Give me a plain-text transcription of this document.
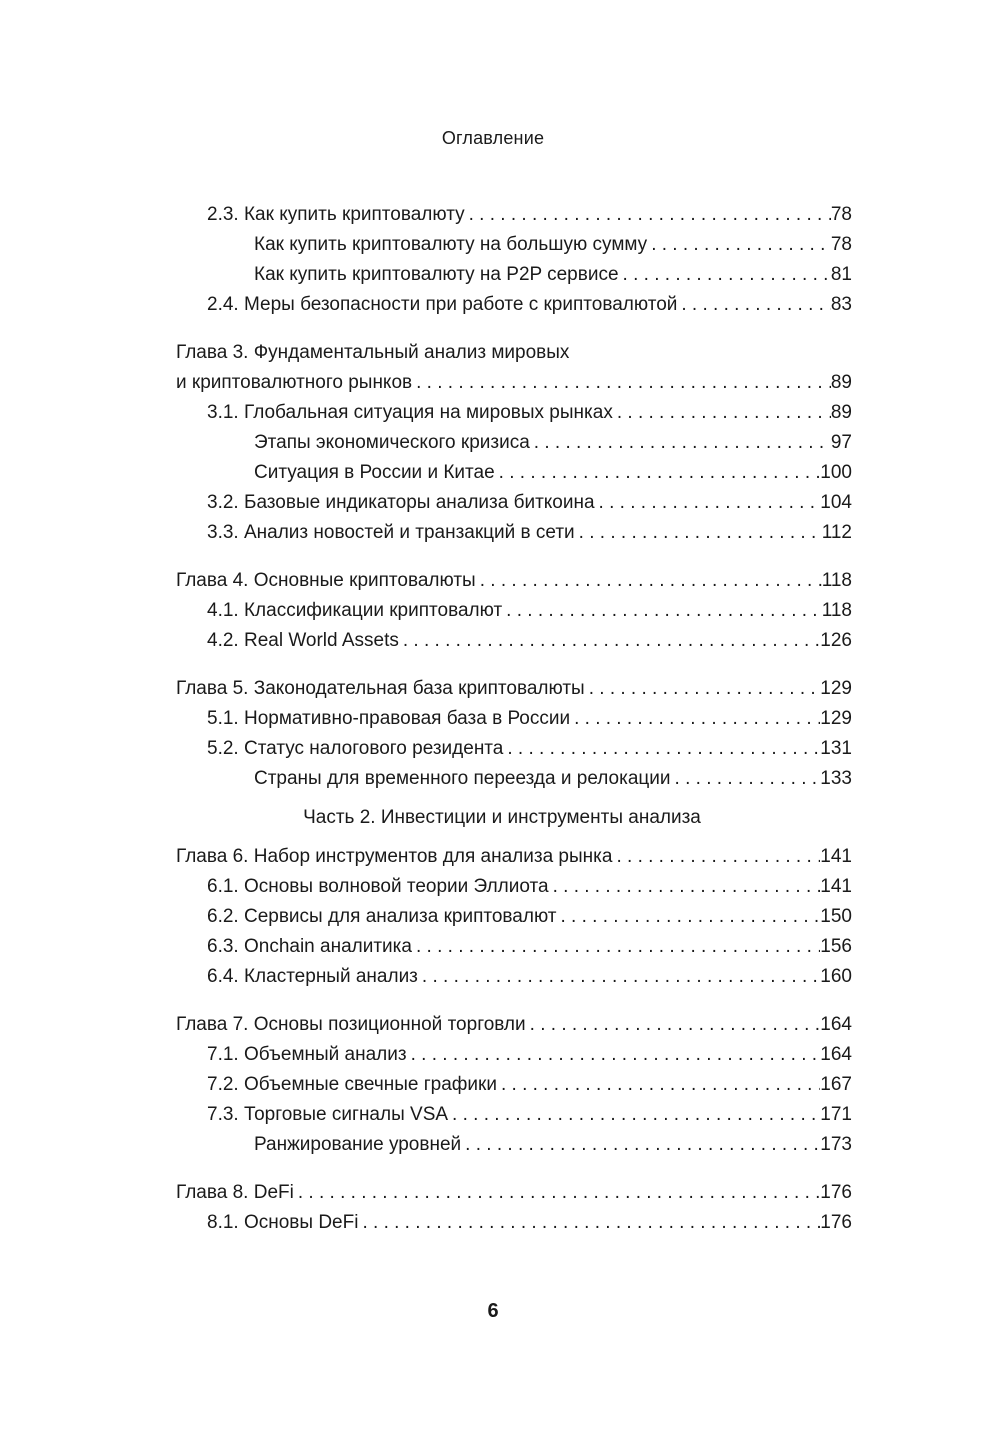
Оглавление
2.3. Как купить криптовалюту . . .	78
Как купить криптовалюту на большую сумму . . .	78
Как купить криптовалюту на P2P сервисе . . .	81
2.4. Меры безопасности при работе с криптовалютой . . .	83
Глава 3. Фундаментальный анализ мировых
и криптовалютного рынков . . .	89
3.1. Глобальная ситуация на мировых рынках . . .	89
Этапы экономического кризиса . . .	97
Ситуация в России и Китае . . .	100
3.2. Базовые индикаторы анализа биткоина . . .	104
3.3. Анализ новостей и транзакций в сети . . .	112
Глава 4. Основные криптовалюты . . .	118
4.1. Классификации криптовалют . . .	118
4.2. Real World Assets . . .	126
Глава 5. Законодательная база криптовалюты . . .	129
5.1. Нормативно-правовая база в России . . .	129
5.2. Статус налогового резидента . . .	131
Страны для временного переезда и релокации . . .	133
Часть 2. Инвестиции и инструменты анализа
Глава 6. Набор инструментов для анализа рынка . . .	141
6.1. Основы волновой теории Эллиота . . .	141
6.2. Сервисы для анализа криптовалют . . .	150
6.3. Onchain аналитика . . .	156
6.4. Кластерный анализ . . .	160
Глава 7. Основы позиционной торговли . . .	164
7.1. Объемный анализ . . .	164
7.2. Объемные свечные графики . . .	167
7.3. Торговые сигналы VSA . . .	171
Ранжирование уровней . . .	173
Глава 8. DeFi . . .	176
8.1. Основы DeFi . . .	176
6
